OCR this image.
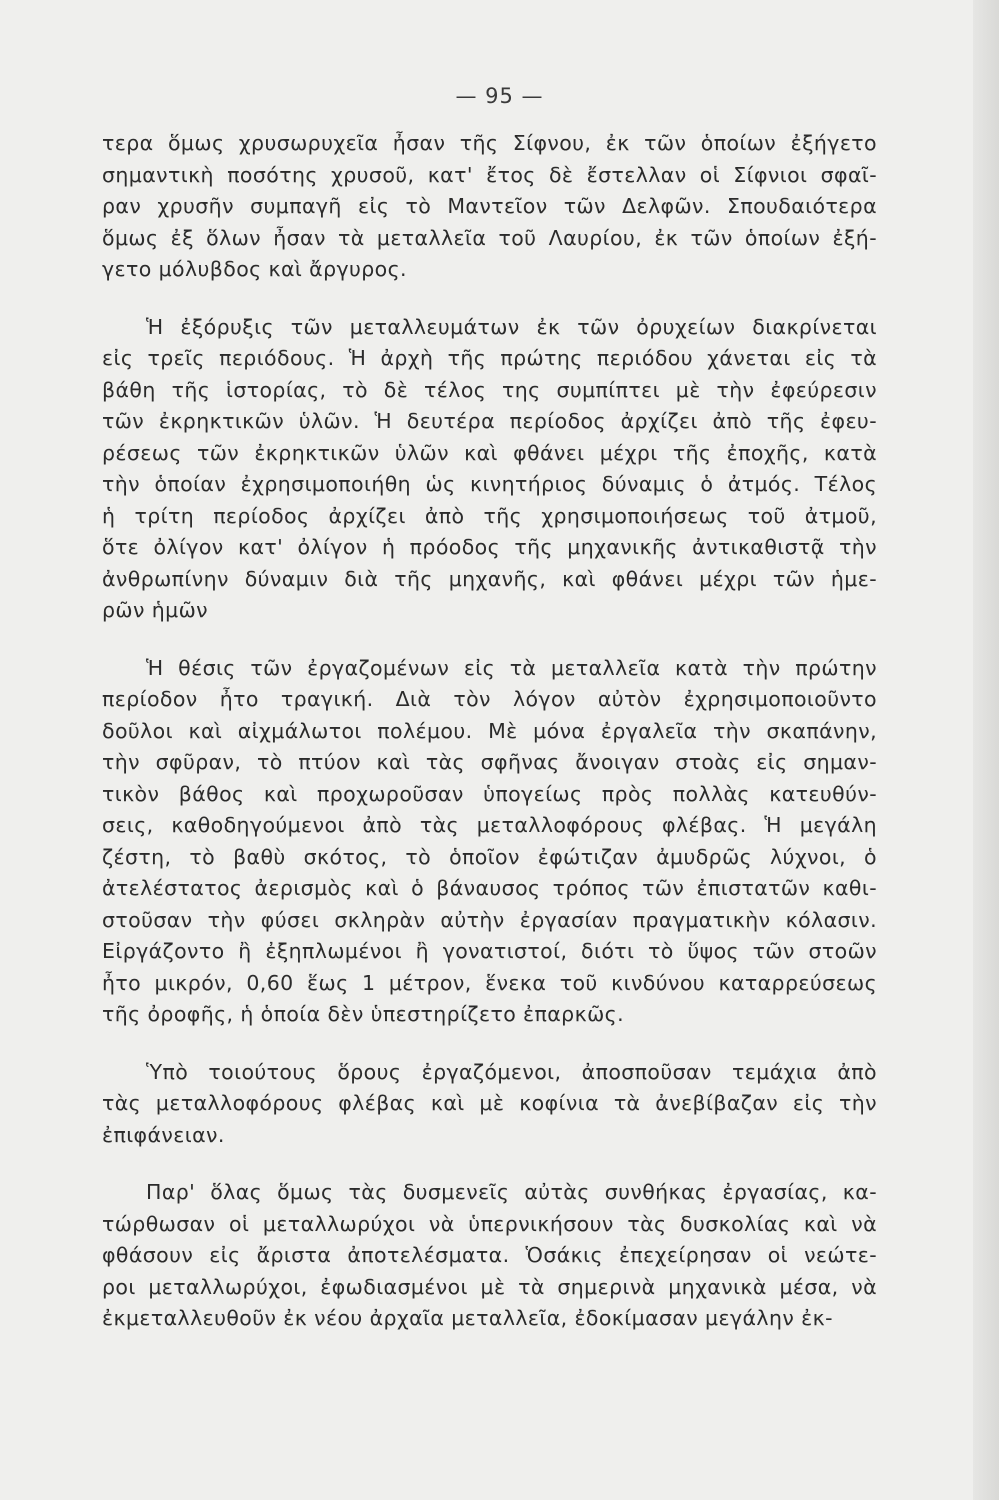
— 95 —
τερα ὅμως χρυσωρυχεῖα ἦσαν τῆς Σίφνου, ἐκ τῶν ὁποίων ἐξήγετο
σημαντικὴ ποσότης χρυσοῦ, κατ' ἔτος δὲ ἔστελλαν οἱ Σίφνιοι σφαῖ-
ραν χρυσῆν συμπαγῆ εἰς τὸ Μαντεῖον τῶν Δελφῶν. Σπουδαιότερα
ὅμως ἐξ ὅλων ἦσαν τὰ μεταλλεῖα τοῦ Λαυρίου, ἐκ τῶν ὁποίων ἐξή-
γετο μόλυβδος καὶ ἄργυρος.
Ἡ ἐξόρυξις τῶν μεταλλευμάτων ἐκ τῶν ὀρυχείων διακρίνεται
εἰς τρεῖς περιόδους. Ἡ ἀρχὴ τῆς πρώτης περιόδου χάνεται εἰς τὰ
βάθη τῆς ἱστορίας, τὸ δὲ τέλος της συμπίπτει μὲ τὴν ἐφεύρεσιν
τῶν ἐκρηκτικῶν ὑλῶν. Ἡ δευτέρα περίοδος ἀρχίζει ἀπὸ τῆς ἐφευ-
ρέσεως τῶν ἐκρηκτικῶν ὑλῶν καὶ φθάνει μέχρι τῆς ἐποχῆς, κατὰ
τὴν ὁποίαν ἐχρησιμοποιήθη ὡς κινητήριος δύναμις ὁ ἀτμός. Τέλος
ἡ τρίτη περίοδος ἀρχίζει ἀπὸ τῆς χρησιμοποιήσεως τοῦ ἀτμοῦ,
ὅτε ὀλίγον κατ' ὀλίγον ἡ πρόοδος τῆς μηχανικῆς ἀντικαθιστᾷ τὴν
ἀνθρωπίνην δύναμιν διὰ τῆς μηχανῆς, καὶ φθάνει μέχρι τῶν ἡμε-
ρῶν ἡμῶν
Ἡ θέσις τῶν ἐργαζομένων εἰς τὰ μεταλλεῖα κατὰ τὴν πρώτην
περίοδον ἦτο τραγική. Διὰ τὸν λόγον αὐτὸν ἐχρησιμοποιοῦντο
δοῦλοι καὶ αἰχμάλωτοι πολέμου. Μὲ μόνα ἐργαλεῖα τὴν σκαπάνην,
τὴν σφῦραν, τὸ πτύον καὶ τὰς σφῆνας ἄνοιγαν στοὰς εἰς σημαν-
τικὸν βάθος καὶ προχωροῦσαν ὑπογείως πρὸς πολλὰς κατευθύν-
σεις, καθοδηγούμενοι ἀπὸ τὰς μεταλλοφόρους φλέβας. Ἡ μεγάλη
ζέστη, τὸ βαθὺ σκότος, τὸ ὁποῖον ἐφώτιζαν ἀμυδρῶς λύχνοι, ὁ
ἀτελέστατος ἀερισμὸς καὶ ὁ βάναυσος τρόπος τῶν ἐπιστατῶν καθι-
στοῦσαν τὴν φύσει σκληρὰν αὐτὴν ἐργασίαν πραγματικὴν κόλασιν.
Εἰργάζοντο ἢ ἐξηπλωμένοι ἢ γονατιστοί, διότι τὸ ὕψος τῶν στοῶν
ἦτο μικρόν, 0,60 ἕως 1 μέτρον, ἕνεκα τοῦ κινδύνου καταρρεύσεως
τῆς ὀροφῆς, ἡ ὁποία δὲν ὑπεστηρίζετο ἐπαρκῶς.
Ὑπὸ τοιούτους ὅρους ἐργαζόμενοι, ἀποσποῦσαν τεμάχια ἀπὸ
τὰς μεταλλοφόρους φλέβας καὶ μὲ κοφίνια τὰ ἀνεβίβαζαν εἰς τὴν
ἐπιφάνειαν.
Παρ' ὅλας ὅμως τὰς δυσμενεῖς αὐτὰς συνθήκας ἐργασίας, κα-
τώρθωσαν οἱ μεταλλωρύχοι νὰ ὑπερνικήσουν τὰς δυσκολίας καὶ νὰ
φθάσουν εἰς ἄριστα ἀποτελέσματα. Ὁσάκις ἐπεχείρησαν οἱ νεώτε-
ροι μεταλλωρύχοι, ἐφωδιασμένοι μὲ τὰ σημερινὰ μηχανικὰ μέσα, νὰ
ἐκμεταλλευθοῦν ἐκ νέου ἀρχαῖα μεταλλεῖα, ἐδοκίμασαν μεγάλην ἐκ-
